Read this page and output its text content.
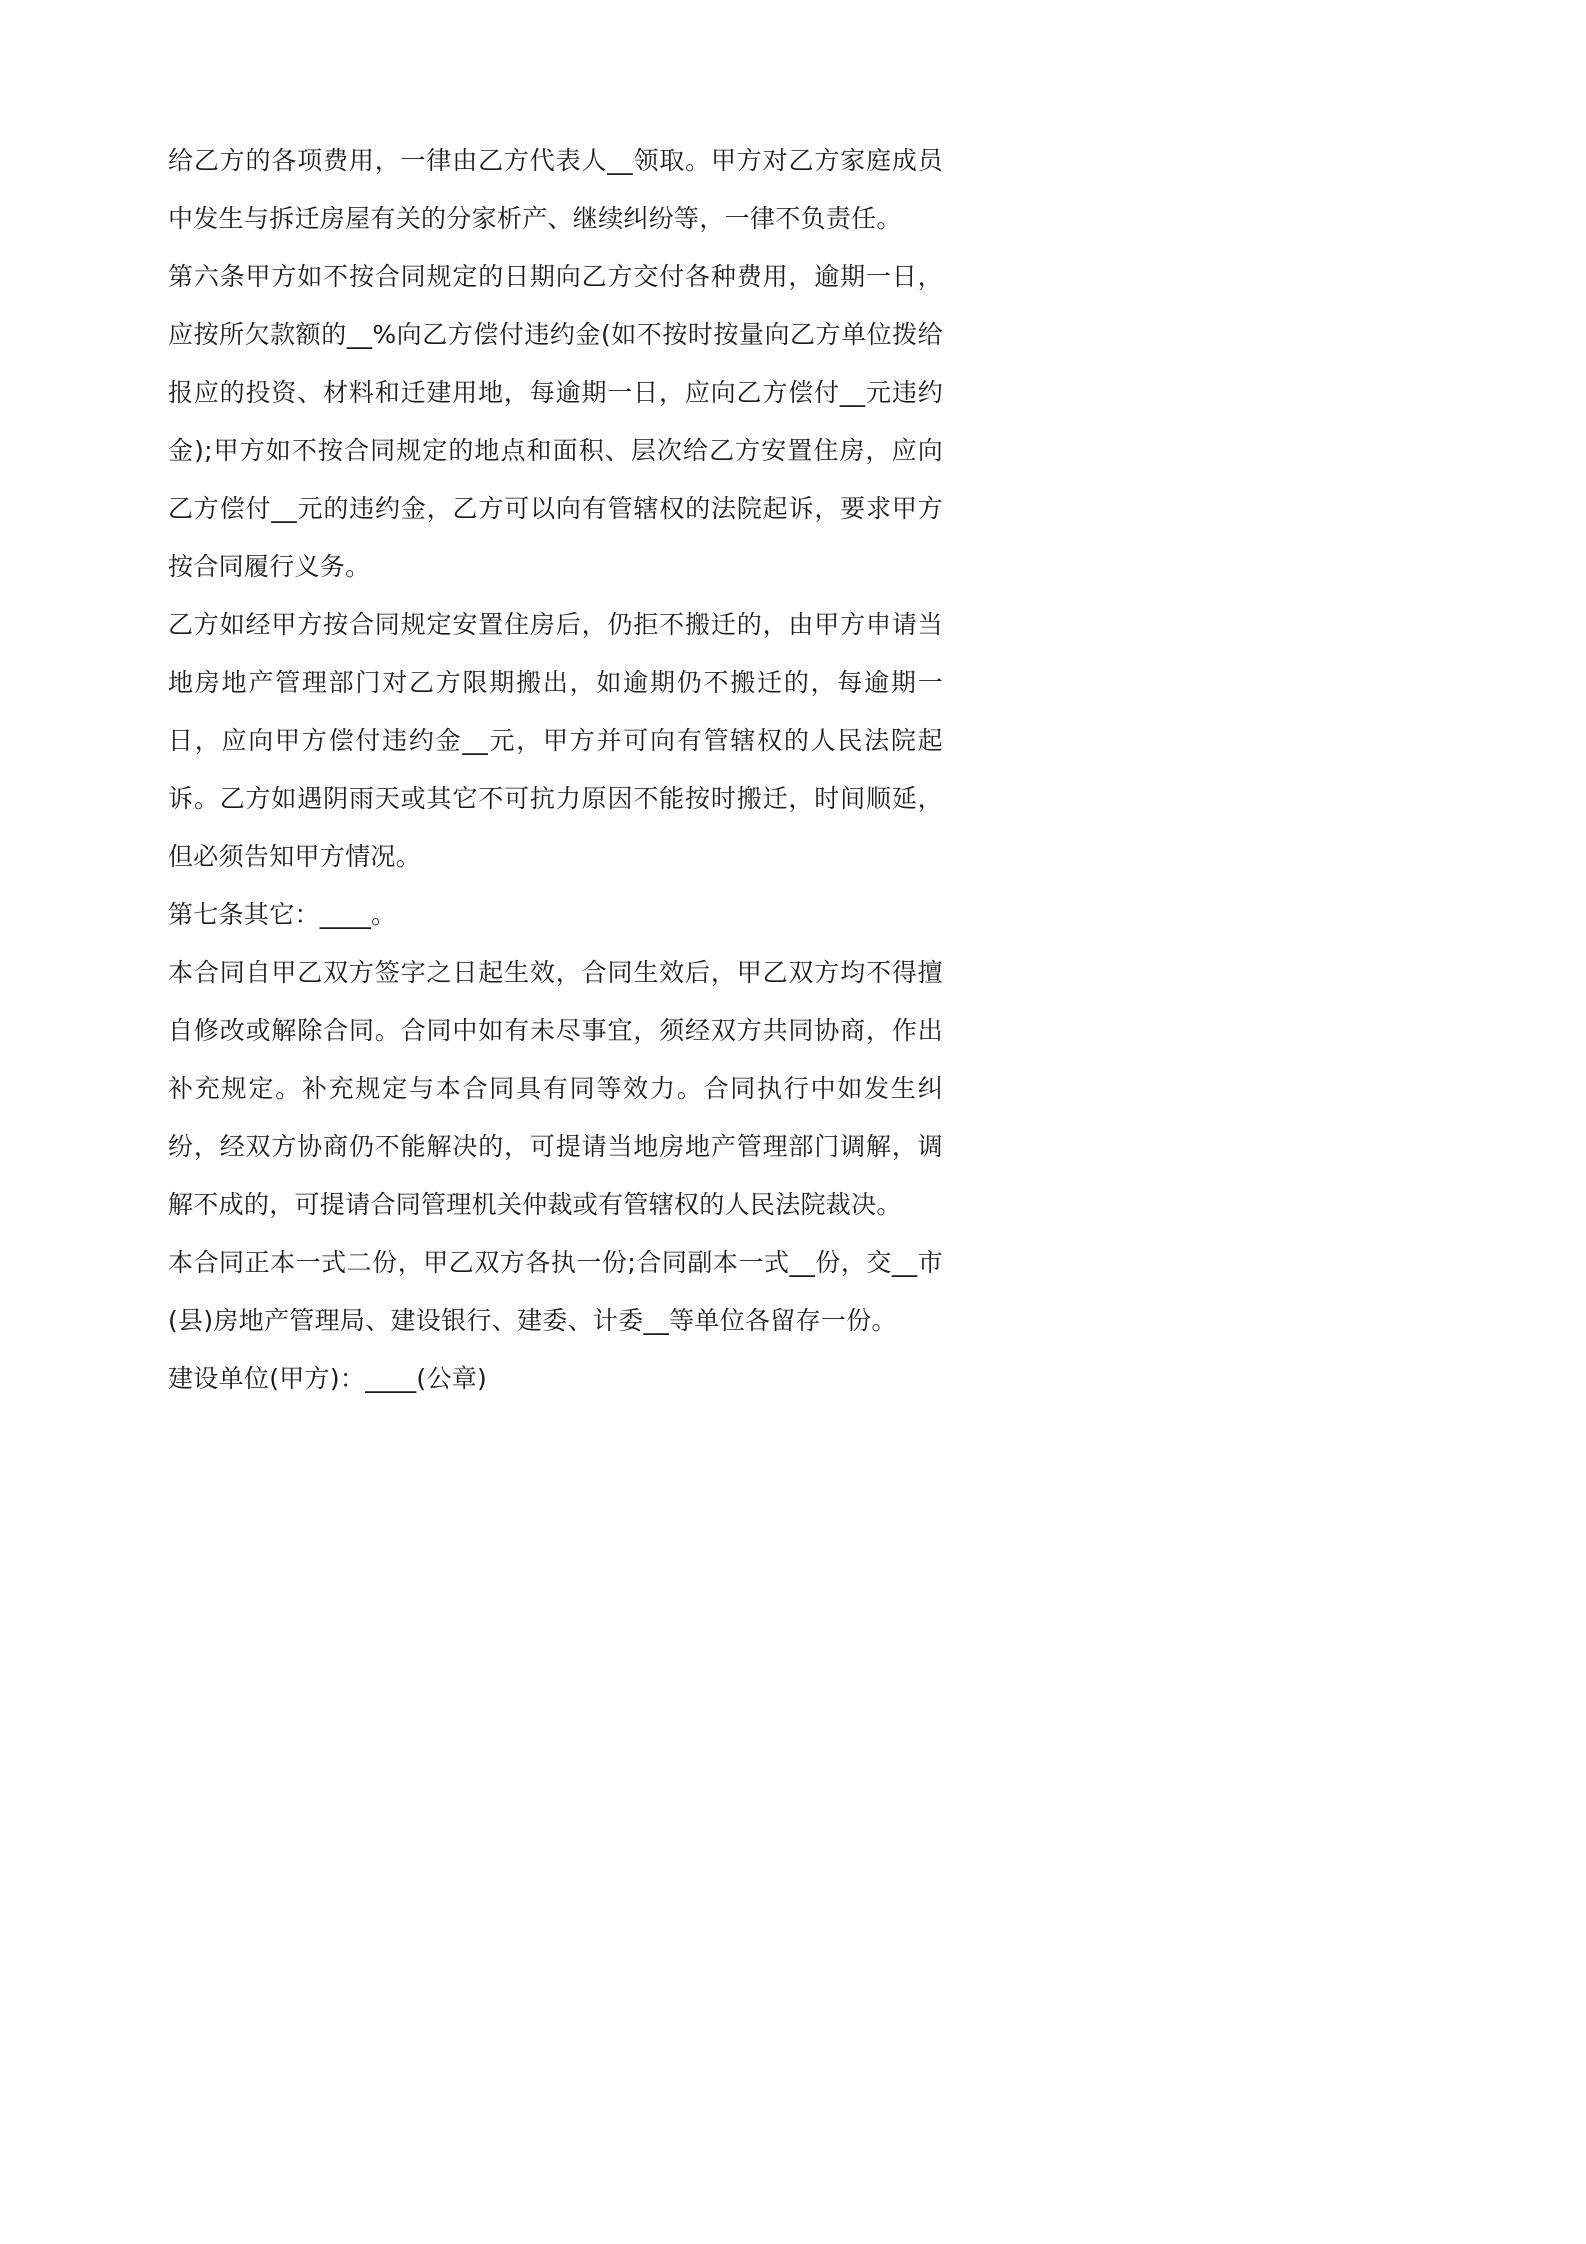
给乙方的各项费用，一律由乙方代表人__领取。甲方对乙方家庭成员中发生与拆迁房屋有关的分家析产、继续纠纷等，一律不负责任。

第六条甲方如不按合同规定的日期向乙方交付各种费用，逾期一日，应按所欠款额的__%向乙方偿付违约金(如不按时按量向乙方单位拨给报应的投资、材料和迁建用地，每逾期一日，应向乙方偿付__元违约金);甲方如不按合同规定的地点和面积、层次给乙方安置住房，应向乙方偿付__元的违约金，乙方可以向有管辖权的法院起诉，要求甲方按合同履行义务。

乙方如经甲方按合同规定安置住房后，仍拒不搬迁的，由甲方申请当地房地产管理部门对乙方限期搬出，如逾期仍不搬迁的，每逾期一日，应向甲方偿付违约金__元，甲方并可向有管辖权的人民法院起诉。乙方如遇阴雨天或其它不可抗力原因不能按时搬迁，时间顺延，但必须告知甲方情况。

第七条其它：____。

本合同自甲乙双方签字之日起生效，合同生效后，甲乙双方均不得擅自修改或解除合同。合同中如有未尽事宜，须经双方共同协商，作出补充规定。补充规定与本合同具有同等效力。合同执行中如发生纠纷，经双方协商仍不能解决的，可提请当地房地产管理部门调解，调解不成的，可提请合同管理机关仲裁或有管辖权的人民法院裁决。

本合同正本一式二份，甲乙双方各执一份;合同副本一式__份，交__市(县)房地产管理局、建设银行、建委、计委__等单位各留存一份。

建设单位(甲方)：____(公章)
